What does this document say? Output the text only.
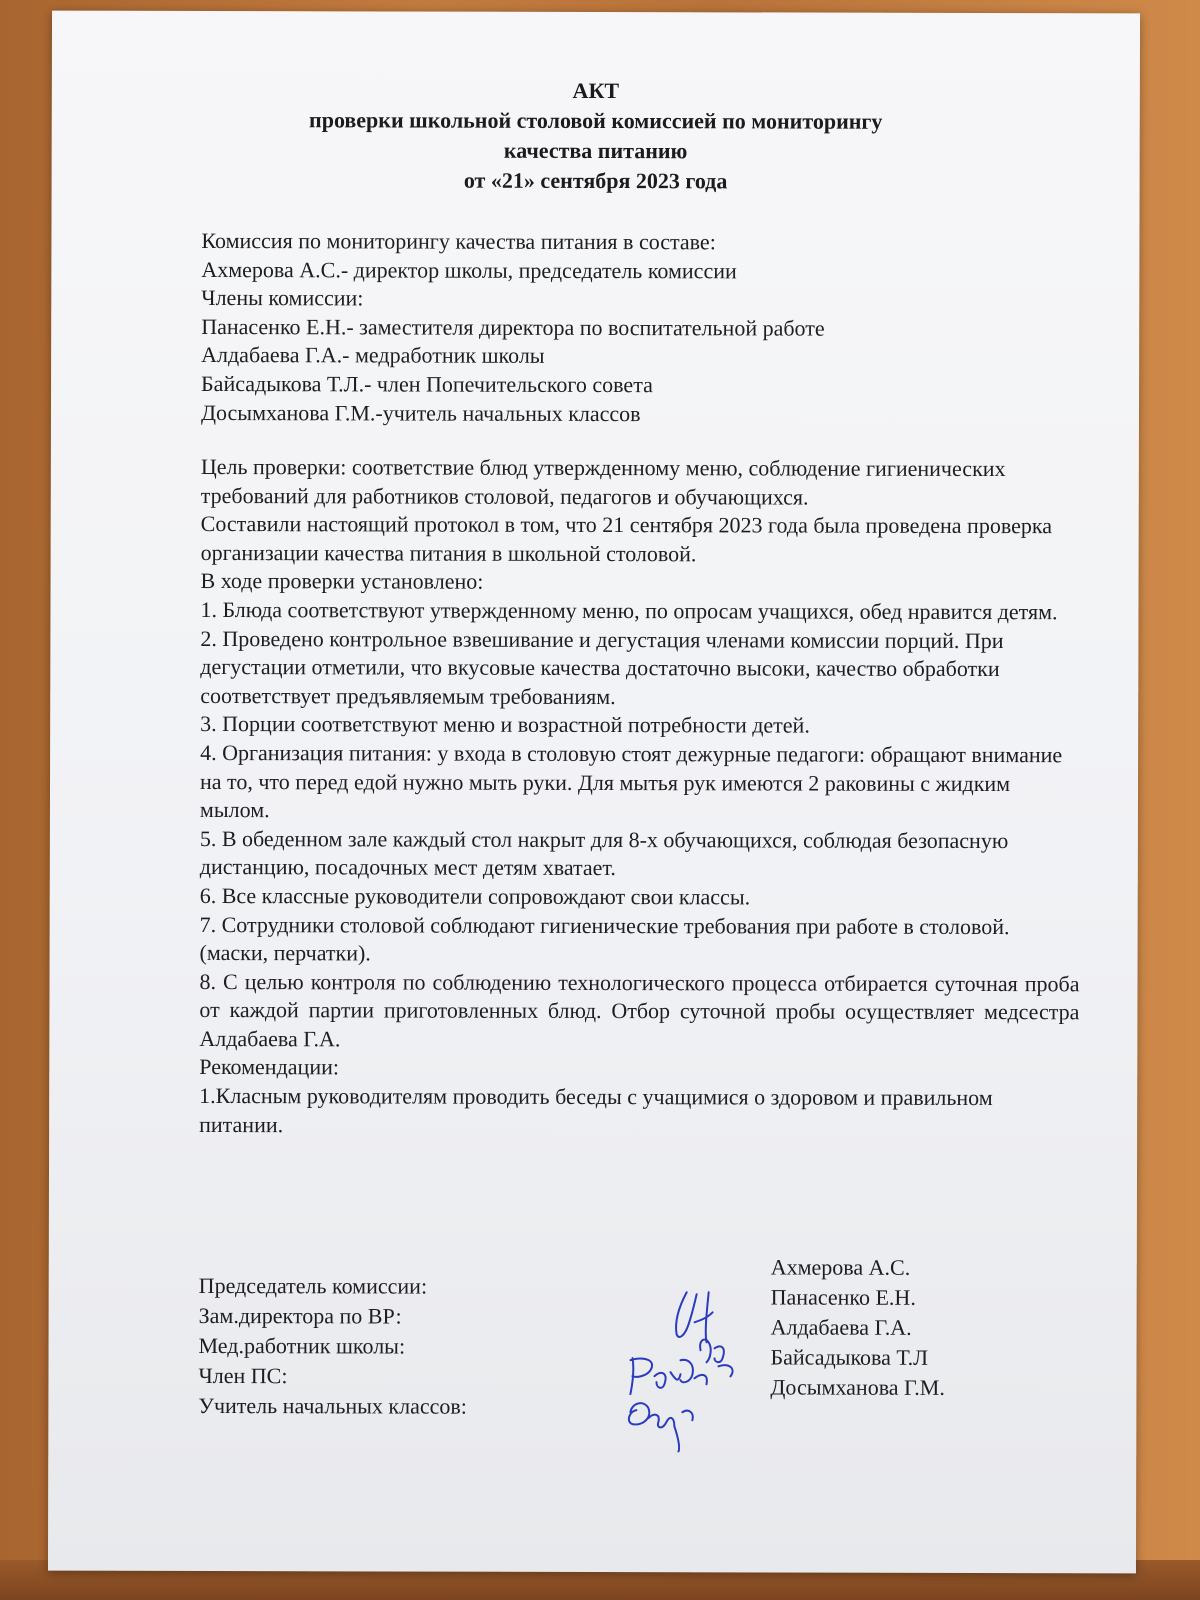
АКТ
проверки школьной столовой комиссией по мониторингу
качества питанию
от «21» сентября 2023 года
Комиссия по мониторингу качества питания в составе:
Ахмерова А.С.- директор школы, председатель комиссии
Члены комиссии:
Панасенко Е.Н.- заместителя директора по воспитательной работе
Алдабаева Г.А.- медработник школы
Байсадыкова Т.Л.- член Попечительского совета
Досымханова Г.М.-учитель начальных классов

Цель проверки: соответствие блюд утвержденному меню, соблюдение гигиенических требований для работников столовой, педагогов и обучающихся.

Составили настоящий протокол в том, что 21 сентября 2023 года была проведена проверка организации качества питания в школьной столовой.

В ходе проверки установлено:

1. Блюда соответствуют утвержденному меню, по опросам учащихся, обед нравится детям.

2. Проведено контрольное взвешивание и дегустация членами комиссии порций. При дегустации отметили, что вкусовые качества достаточно высоки, качество обработки соответствует предъявляемым требованиям.

3. Порции соответствуют меню и возрастной потребности детей.

4. Организация питания: у входа в столовую стоят дежурные педагоги: обращают внимание на то, что перед едой нужно мыть руки. Для мытья рук имеются 2 раковины с жидким мылом.

5. В обеденном зале каждый стол накрыт для 8-х обучающихся, соблюдая безопасную дистанцию, посадочных мест детям хватает.

6. Все классные руководители сопровождают свои классы.

7. Сотрудники столовой соблюдают гигиенические требования при работе в столовой. (маски, перчатки).

8. С целью контроля по соблюдению технологического процесса отбирается суточная проба от каждой партии приготовленных блюд. Отбор суточной пробы осуществляет медсестра Алдабаева Г.А.

Рекомендации:

1.Класным руководителям проводить беседы с учащимися о здоровом и правильном питании.

Председатель комиссии:
Зам.директора по ВР:
Мед.работник школы:
Член ПС:
Учитель начальных классов:
Ахмерова А.С.
Панасенко Е.Н.
Алдабаева Г.А.
Байсадыкова Т.Л
Досымханова Г.М.
